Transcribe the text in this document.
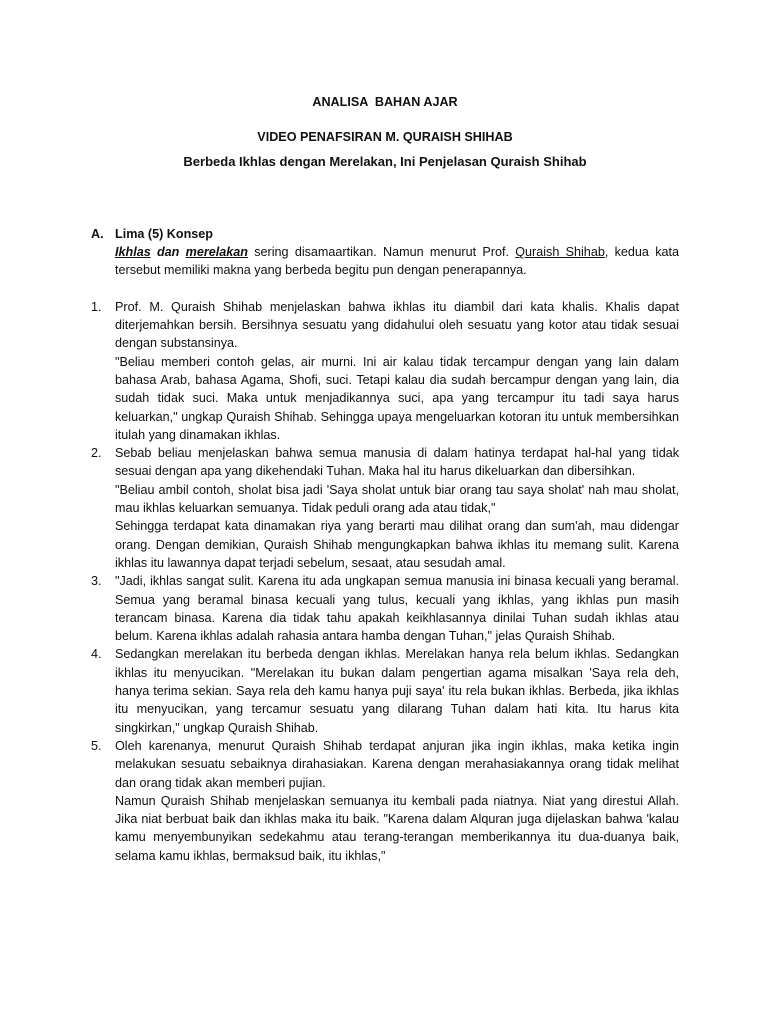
ANALISA  BAHAN AJAR
VIDEO PENAFSIRAN M. QURAISH SHIHAB
Berbeda Ikhlas dengan Merelakan, Ini Penjelasan Quraish Shihab
A. Lima (5) Konsep
Ikhlas dan merelakan sering disamaartikan. Namun menurut Prof. Quraish Shihab, kedua kata tersebut memiliki makna yang berbeda begitu pun dengan penerapannya.
1.	Prof. M. Quraish Shihab menjelaskan bahwa ikhlas itu diambil dari kata khalis. Khalis dapat diterjemahkan bersih. Bersihnya sesuatu yang didahului oleh sesuatu yang kotor atau tidak sesuai dengan substansinya.

"Beliau memberi contoh gelas, air murni. Ini air kalau tidak tercampur dengan yang lain dalam bahasa Arab, bahasa Agama, Shofi, suci. Tetapi kalau dia sudah bercampur dengan yang lain, dia sudah tidak suci. Maka untuk menjadikannya suci, apa yang tercampur itu tadi saya harus keluarkan," ungkap Quraish Shihab. Sehingga upaya mengeluarkan kotoran itu untuk membersihkan itulah yang dinamakan ikhlas.

2.	Sebab beliau menjelaskan bahwa semua manusia di dalam hatinya terdapat hal-hal yang tidak sesuai dengan apa yang dikehendaki Tuhan. Maka hal itu harus dikeluarkan dan dibersihkan.

"Beliau ambil contoh, sholat bisa jadi 'Saya sholat untuk biar orang tau saya sholat' nah mau sholat, mau ikhlas keluarkan semuanya. Tidak peduli orang ada atau tidak,"

Sehingga terdapat kata dinamakan riya yang berarti mau dilihat orang dan sum'ah, mau didengar orang. Dengan demikian, Quraish Shihab mengungkapkan bahwa ikhlas itu memang sulit. Karena ikhlas itu lawannya dapat terjadi sebelum, sesaat, atau sesudah amal.

3.	"Jadi, ikhlas sangat sulit. Karena itu ada ungkapan semua manusia ini binasa kecuali yang beramal. Semua yang beramal binasa kecuali yang tulus, kecuali yang ikhlas, yang ikhlas pun masih terancam binasa. Karena dia tidak tahu apakah keikhlasannya dinilai Tuhan sudah ikhlas atau belum. Karena ikhlas adalah rahasia antara hamba dengan Tuhan," jelas Quraish Shihab.

4.	Sedangkan merelakan itu berbeda dengan ikhlas. Merelakan hanya rela belum ikhlas. Sedangkan ikhlas itu menyucikan. "Merelakan itu bukan dalam pengertian agama misalkan 'Saya rela deh, hanya terima sekian. Saya rela deh kamu hanya puji saya' itu rela bukan ikhlas. Berbeda, jika ikhlas itu menyucikan, yang tercamur sesuatu yang dilarang Tuhan dalam hati kita. Itu harus kita singkirkan," ungkap Quraish Shihab.

5.	Oleh karenanya, menurut Quraish Shihab terdapat anjuran jika ingin ikhlas, maka ketika ingin melakukan sesuatu sebaiknya dirahasiakan. Karena dengan merahasiakannya orang tidak melihat dan orang tidak akan memberi pujian.

Namun Quraish Shihab menjelaskan semuanya itu kembali pada niatnya. Niat yang direstui Allah. Jika niat berbuat baik dan ikhlas maka itu baik. "Karena dalam Alquran juga dijelaskan bahwa 'kalau kamu menyembunyikan sedekahmu atau terang-terangan memberikannya itu dua-duanya baik, selama kamu ikhlas, bermaksud baik, itu ikhlas,"
